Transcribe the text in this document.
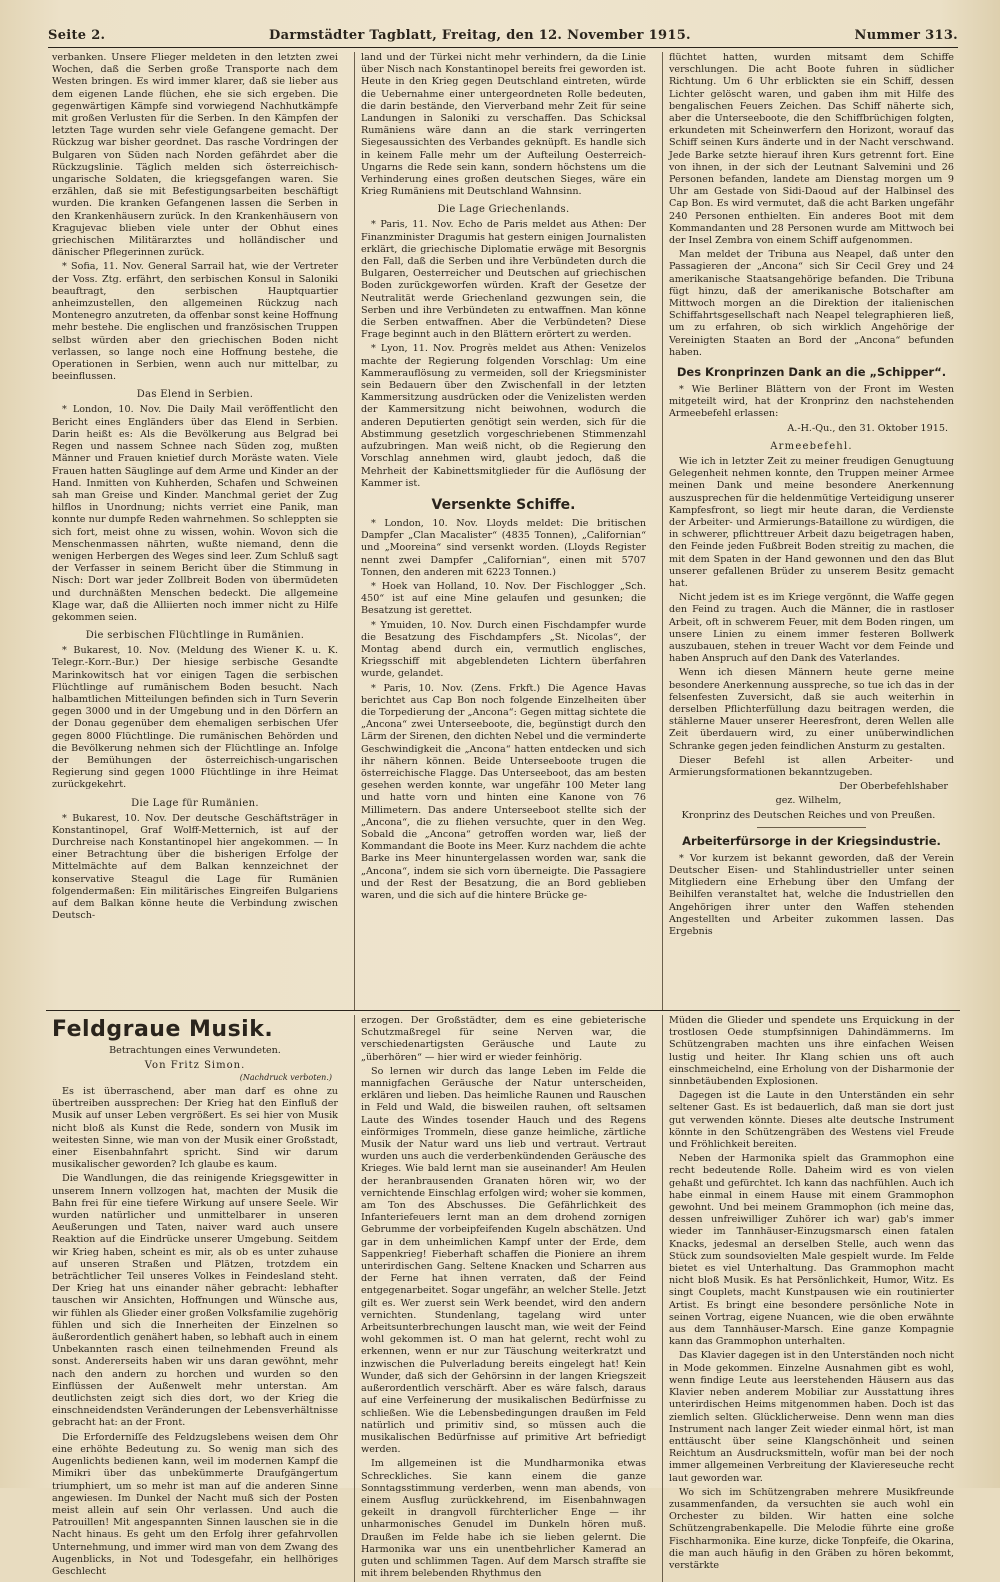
Seite 2.	Darmstädter Tagblatt, Freitag, den 12. November 1915.	Nummer 313.

verbanken. Unsere Flieger meldeten in den letzten zwei Wochen, daß die Serben große Transporte nach dem Westen bringen. Es wird immer klarer, daß sie lieber aus dem eigenen Lande flüchen, ehe sie sich ergeben. Die gegenwärtigen Kämpfe sind vorwiegend Nachhutkämpfe mit großen Verlusten für die Serben. In den Kämpfen der letzten Tage wurden sehr viele Gefangene gemacht. Der Rückzug war bisher geordnet. Das rasche Vordringen der Bulgaren von Süden nach Norden gefährdet aber die Rückzugslinie. Täglich melden sich österreichisch-ungarische Soldaten, die kriegsgefangen waren. Sie erzählen, daß sie mit Befestigungsarbeiten beschäftigt wurden. Die kranken Gefangenen lassen die Serben in den Krankenhäusern zurück. In den Krankenhäusern von Kragujevac blieben viele unter der Obhut eines griechischen Militärarztes und holländischer und dänischer Pflegerinnen zurück.

* Sofia, 11. Nov. General Sarrail hat, wie der Vertreter der Voss. Ztg. erfährt, den serbischen Konsul in Saloniki beauftragt, den serbischen Hauptquartier anheimzustellen, den allgemeinen Rückzug nach Montenegro anzutreten, da offenbar sonst keine Hoffnung mehr bestehe. Die englischen und französischen Truppen selbst würden aber den griechischen Boden nicht verlassen, so lange noch eine Hoffnung bestehe, die Operationen in Serbien, wenn auch nur mittelbar, zu beeinflussen.

Das Elend in Serbien.

* London, 10. Nov. Die Daily Mail veröffentlicht den Bericht eines Engländers über das Elend in Serbien. Darin heißt es: Als die Bevölkerung aus Belgrad bei Regen und nassem Schnee nach Süden zog, mußten Männer und Frauen knietief durch Moräste waten. Viele Frauen hatten Säuglinge auf dem Arme und Kinder an der Hand. Inmitten von Kuhherden, Schafen und Schweinen sah man Greise und Kinder. Manchmal geriet der Zug hilflos in Unordnung; nichts verriet eine Panik, man konnte nur dumpfe Reden wahrnehmen. So schleppten sie sich fort, meist ohne zu wissen, wohin. Wovon sich die Menschenmassen nährten, wußte niemand, denn die wenigen Herbergen des Weges sind leer. Zum Schluß sagt der Verfasser in seinem Bericht über die Stimmung in Nisch: Dort war jeder Zollbreit Boden von übermüdeten und durchnäßten Menschen bedeckt. Die allgemeine Klage war, daß die Alliierten noch immer nicht zu Hilfe gekommen seien.

Die serbischen Flüchtlinge in Rumänien.

* Bukarest, 10. Nov. (Meldung des Wiener K. u. K. Telegr.-Korr.-Bur.) Der hiesige serbische Gesandte Marinkowitsch hat vor einigen Tagen die serbischen Flüchtlinge auf rumänischem Boden besucht. Nach halbamtlichen Mitteilungen befinden sich in Turn Severin gegen 3000 und in der Umgebung und in den Dörfern an der Donau gegenüber dem ehemaligen serbischen Ufer gegen 8000 Flüchtlinge. Die rumänischen Behörden und die Bevölkerung nehmen sich der Flüchtlinge an. Infolge der Bemühungen der österreichisch-ungarischen Regierung sind gegen 1000 Flüchtlinge in ihre Heimat zurückgekehrt.

Die Lage für Rumänien.

* Bukarest, 10. Nov. Der deutsche Geschäftsträger in Konstantinopel, Graf Wolff-Metternich, ist auf der Durchreise nach Konstantinopel hier angekommen. — In einer Betrachtung über die bisherigen Erfolge der Mittelmächte auf dem Balkan kennzeichnet der konservative Steagul die Lage für Rumänien folgendermaßen: Ein militärisches Eingreifen Bulgariens auf dem Balkan könne heute die Verbindung zwischen Deutsch-

land und der Türkei nicht mehr verhindern, da die Linie über Nisch nach Konstantinopel bereits frei geworden ist. Heute in den Krieg gegen Deutschland eintreten, würde die Uebernahme einer untergeordneten Rolle bedeuten, die darin bestände, den Vierverband mehr Zeit für seine Landungen in Saloniki zu verschaffen. Das Schicksal Rumäniens wäre dann an die stark verringerten Siegesaussichten des Verbandes geknüpft. Es handle sich in keinem Falle mehr um der Aufteilung Oesterreich-Ungarns die Rede sein kann, sondern höchstens um die Verhinderung eines großen deutschen Sieges, wäre ein Krieg Rumäniens mit Deutschland Wahnsinn.

Die Lage Griechenlands.

* Paris, 11. Nov. Echo de Paris meldet aus Athen: Der Finanzminister Dragumis hat gestern einigen Journalisten erklärt, die griechische Diplomatie erwäge mit Besorgnis den Fall, daß die Serben und ihre Verbündeten durch die Bulgaren, Oesterreicher und Deutschen auf griechischen Boden zurückgeworfen würden. Kraft der Gesetze der Neutralität werde Griechenland gezwungen sein, die Serben und ihre Verbündeten zu entwaffnen. Man könne die Serben entwaffnen. Aber die Verbündeten? Diese Frage beginnt auch in den Blättern erörtert zu werden.

* Lyon, 11. Nov. Progrès meldet aus Athen: Venizelos machte der Regierung folgenden Vorschlag: Um eine Kammerauflösung zu vermeiden, soll der Kriegsminister sein Bedauern über den Zwischenfall in der letzten Kammersitzung ausdrücken oder die Venizelisten werden der Kammersitzung nicht beiwohnen, wodurch die anderen Deputierten genötigt sein werden, sich für die Abstimmung gesetzlich vorgeschriebenen Stimmenzahl aufzubringen. Man weiß nicht, ob die Regierung den Vorschlag annehmen wird, glaubt jedoch, daß die Mehrheit der Kabinettsmitglieder für die Auflösung der Kammer ist.

Versenkte Schiffe.

* London, 10. Nov. Lloyds meldet: Die britischen Dampfer „Clan Macalister“ (4835 Tonnen), „Californian“ und „Mooreina“ sind versenkt worden. (Lloyds Register nennt zwei Dampfer „Californian“, einen mit 5707 Tonnen, den anderen mit 6223 Tonnen.)

* Hoek van Holland, 10. Nov. Der Fischlogger „Sch. 450“ ist auf eine Mine gelaufen und gesunken; die Besatzung ist gerettet.

* Ymuiden, 10. Nov. Durch einen Fischdampfer wurde die Besatzung des Fischdampfers „St. Nicolas“, der Montag abend durch ein, vermutlich englisches, Kriegsschiff mit abgeblendeten Lichtern überfahren wurde, gelandet.

* Paris, 10. Nov. (Zens. Frkft.) Die Agence Havas berichtet aus Cap Bon noch folgende Einzelheiten über die Torpedierung der „Ancona“: Gegen mittag sichtete die „Ancona“ zwei Unterseeboote, die, begünstigt durch den Lärm der Sirenen, den dichten Nebel und die verminderte Geschwindigkeit die „Ancona“ hatten entdecken und sich ihr nähern können. Beide Unterseeboote trugen die österreichische Flagge. Das Unterseeboot, das am besten gesehen werden konnte, war ungefähr 100 Meter lang und hatte vorn und hinten eine Kanone von 76 Millimetern. Das andere Unterseeboot stellte sich der „Ancona“, die zu fliehen versuchte, quer in den Weg. Sobald die „Ancona“ getroffen worden war, ließ der Kommandant die Boote ins Meer. Kurz nachdem die achte Barke ins Meer hinuntergelassen worden war, sank die „Ancona“, indem sie sich vorn überneigte. Die Passagiere und der Rest der Besatzung, die an Bord geblieben waren, und die sich auf die hintere Brücke ge-

flüchtet hatten, wurden mitsamt dem Schiffe verschlungen. Die acht Boote fuhren in südlicher Richtung. Um 6 Uhr erblickten sie ein Schiff, dessen Lichter gelöscht waren, und gaben ihm mit Hilfe des bengalischen Feuers Zeichen. Das Schiff näherte sich, aber die Unterseeboote, die den Schiffbrüchigen folgten, erkundeten mit Scheinwerfern den Horizont, worauf das Schiff seinen Kurs änderte und in der Nacht verschwand. Jede Barke setzte hierauf ihren Kurs getrennt fort. Eine von ihnen, in der sich der Leutnant Salvemini und 26 Personen befanden, landete am Dienstag morgen um 9 Uhr am Gestade von Sidi-Daoud auf der Halbinsel des Cap Bon. Es wird vermutet, daß die acht Barken ungefähr 240 Personen enthielten. Ein anderes Boot mit dem Kommandanten und 28 Personen wurde am Mittwoch bei der Insel Zembra von einem Schiff aufgenommen.

Man meldet der Tribuna aus Neapel, daß unter den Passagieren der „Ancona“ sich Sir Cecil Grey und 24 amerikanische Staatsangehörige befanden. Die Tribuna fügt hinzu, daß der amerikanische Botschafter am Mittwoch morgen an die Direktion der italienischen Schiffahrtsgesellschaft nach Neapel telegraphieren ließ, um zu erfahren, ob sich wirklich Angehörige der Vereinigten Staaten an Bord der „Ancona“ befunden haben.

Des Kronprinzen Dank an die „Schipper“.

* Wie Berliner Blättern von der Front im Westen mitgeteilt wird, hat der Kronprinz den nachstehenden Armeebefehl erlassen:

A.-H.-Qu., den 31. Oktober 1915.
Armeebefehl.

Wie ich in letzter Zeit zu meiner freudigen Genugtuung Gelegenheit nehmen konnte, den Truppen meiner Armee meinen Dank und meine besondere Anerkennung auszusprechen für die heldenmütige Verteidigung unserer Kampfesfront, so liegt mir heute daran, die Verdienste der Arbeiter- und Armierungs-Bataillone zu würdigen, die in schwerer, pflichttreuer Arbeit dazu beigetragen haben, den Feinde jeden Fußbreit Boden streitig zu machen, die mit dem Spaten in der Hand gewonnen und den das Blut unserer gefallenen Brüder zu unserem Besitz gemacht hat.

Nicht jedem ist es im Kriege vergönnt, die Waffe gegen den Feind zu tragen. Auch die Männer, die in rastloser Arbeit, oft in schwerem Feuer, mit dem Boden ringen, um unsere Linien zu einem immer festeren Bollwerk auszubauen, stehen in treuer Wacht vor dem Feinde und haben Anspruch auf den Dank des Vaterlandes.

Wenn ich diesen Männern heute gerne meine besondere Anerkennung ausspreche, so tue ich das in der felsenfesten Zuversicht, daß sie auch weiterhin in derselben Pflichterfüllung dazu beitragen werden, die stählerne Mauer unserer Heeresfront, deren Wellen alle Zeit überdauern wird, zu einer unüberwindlichen Schranke gegen jeden feindlichen Ansturm zu gestalten.

Dieser Befehl ist allen Arbeiter- und Armierungsformationen bekanntzugeben.

Der Oberbefehlshaber
gez. Wilhelm,
Kronprinz des Deutschen Reiches und von Preußen.
Arbeiterfürsorge in der Kriegsindustrie.

* Vor kurzem ist bekannt geworden, daß der Verein Deutscher Eisen- und Stahlindustrieller unter seinen Mitgliedern eine Erhebung über den Umfang der Beihilfen veranstaltet hat, welche die Industriellen den Angehörigen ihrer unter den Waffen stehenden Angestellten und Arbeiter zukommen lassen. Das Ergebnis

Feldgraue Musik.
Betrachtungen eines Verwundeten.
Von Fritz Simon.
(Nachdruck verboten.)

Es ist überraschend, aber man darf es ohne zu übertreiben aussprechen: Der Krieg hat den Einfluß der Musik auf unser Leben vergrößert. Es sei hier von Musik nicht bloß als Kunst die Rede, sondern von Musik im weitesten Sinne, wie man von der Musik einer Großstadt, einer Eisenbahnfahrt spricht. Sind wir darum musikalischer geworden? Ich glaube es kaum.

Die Wandlungen, die das reinigende Kriegsgewitter in unserem Innern vollzogen hat, machten der Musik die Bahn frei für eine tiefere Wirkung auf unsere Seele. Wir wurden natürlicher und unmittelbarer in unseren Aeußerungen und Taten, naiver ward auch unsere Reaktion auf die Eindrücke unserer Umgebung. Seitdem wir Krieg haben, scheint es mir, als ob es unter zuhause auf unseren Straßen und Plätzen, trotzdem ein beträchtlicher Teil unseres Volkes in Feindesland steht. Der Krieg hat uns einander näher gebracht: lebhafter tauschen wir Ansichten, Hoffnungen und Wünsche aus, wir fühlen als Glieder einer großen Volksfamilie zugehörig fühlen und sich die Innerheiten der Einzelnen so äußerordentlich genähert haben, so lebhaft auch in einem Unbekannten rasch einen teilnehmenden Freund als sonst. Andererseits haben wir uns daran gewöhnt, mehr nach den andern zu horchen und wurden so den Einflüssen der Außenwelt mehr unterstan. Am deutlichsten zeigt sich dies dort, wo der Krieg die einschneidendsten Veränderungen der Lebensverhältnisse gebracht hat: an der Front.

Die Erforderniſſe des Feldzugslebens weisen dem Ohr eine erhöhte Bedeutung zu. So wenig man sich des Augenlichts bedienen kann, weil im modernen Kampf die Mimikri über das unbekümmerte Draufgängertum triumphiert, um so mehr ist man auf die anderen Sinne angewiesen. Im Dunkel der Nacht muß sich der Posten meist allein auf sein Ohr verlassen. Und auch die Patrouillen! Mit angespannten Sinnen lauschen sie in die Nacht hinaus. Es geht um den Erfolg ihrer gefahrvollen Unternehmung, und immer wird man von dem Zwang des Augenblicks, in Not und Todesgefahr, ein hellhöriges Geschlecht

erzogen. Der Großstädter, dem es eine gebieterische Schutzmaßregel für seine Nerven war, die verschiedenartigsten Geräusche und Laute zu „überhören“ — hier wird er wieder feinhörig.

So lernen wir durch das lange Leben im Felde die mannigfachen Geräusche der Natur unterscheiden, erklären und lieben. Das heimliche Raunen und Rauschen in Feld und Wald, die bisweilen rauhen, oft seltsamen Laute des Windes tosender Hauch und des Regens einförmiges Trommeln, diese ganze heimliche, zärtliche Musik der Natur ward uns lieb und vertraut. Vertraut wurden uns auch die verderbenkündenden Geräusche des Krieges. Wie bald lernt man sie auseinander! Am Heulen der heranbrausenden Granaten hören wir, wo der vernichtende Einschlag erfolgen wird; woher sie kommen, am Ton des Abschusses. Die Gefährlichkeit des Infanteriefeuers lernt man an dem drohend zornigen Gebrumme der vorbeipfeifenden Kugeln abschätzen. Und gar in dem unheimlichen Kampf unter der Erde, dem Sappenkrieg! Fieberhaft schaffen die Pioniere an ihrem unterirdischen Gang. Seltene Knacken und Scharren aus der Ferne hat ihnen verraten, daß der Feind entgegenarbeitet. Sogar ungefähr, an welcher Stelle. Jetzt gilt es. Wer zuerst sein Werk beendet, wird den andern vernichten. Stundenlang, tagelang wird unter Arbeitsunterbrechungen lauscht man, wie weit der Feind wohl gekommen ist. O man hat gelernt, recht wohl zu erkennen, wenn er nur zur Täuschung weiterkratzt und inzwischen die Pulverladung bereits eingelegt hat! Kein Wunder, daß sich der Gehörsinn in der langen Kriegszeit außerordentlich verschärft. Aber es wäre falsch, daraus auf eine Verfeinerung der musikalischen Bedürfnisse zu schließen. Wie die Lebensbedingungen draußen im Feld natürlich und primitiv sind, so müssen auch die musikalischen Bedürfnisse auf primitive Art befriedigt werden.

Im allgemeinen ist die Mundharmonika etwas Schreckliches. Sie kann einem die ganze Sonntagsstimmung verderben, wenn man abends, von einem Ausflug zurückkehrend, im Eisenbahnwagen gekeilt in drangvoll fürchterlicher Enge — ihr unharmonisches Genudel im Dunkeln hören muß. Draußen im Felde habe ich sie lieben gelernt. Die Harmonika war uns ein unentbehrlicher Kamerad an guten und schlimmen Tagen. Auf dem Marsch straffte sie mit ihrem belebenden Rhythmus den

Müden die Glieder und spendete uns Erquickung in der trostlosen Oede stumpfsinnigen Dahindämmerns. Im Schützengraben machten uns ihre einfachen Weisen lustig und heiter. Ihr Klang schien uns oft auch einschmeichelnd, eine Erholung von der Disharmonie der sinnbetäubenden Explosionen.

Dagegen ist die Laute in den Unterständen ein sehr seltener Gast. Es ist bedauerlich, daß man sie dort just gut verwenden könnte. Dieses alte deutsche Instrument könnte in den Schützengräben des Westens viel Freude und Fröhlichkeit bereiten.

Neben der Harmonika spielt das Grammophon eine recht bedeutende Rolle. Daheim wird es von vielen gehaßt und gefürchtet. Ich kann das nachfühlen. Auch ich habe einmal in einem Hause mit einem Grammophon gewohnt. Und bei meinem Grammophon (ich meine das, dessen unfreiwilliger Zuhörer ich war) gab's immer wieder im Tannhäuser-Einzugsmarsch einen fatalen Knacks, jedesmal an derselben Stelle, auch wenn das Stück zum soundsovielten Male gespielt wurde. Im Felde bietet es viel Unterhaltung. Das Grammophon macht nicht bloß Musik. Es hat Persönlichkeit, Humor, Witz. Es singt Couplets, macht Kunstpausen wie ein routinierter Artist. Es bringt eine besondere persönliche Note in seinen Vortrag, eigene Nuancen, wie die oben erwähnte aus dem Tannhäuser-Marsch. Eine ganze Kompagnie kann das Grammophon unterhalten.

Das Klavier dagegen ist in den Unterständen noch nicht in Mode gekommen. Einzelne Ausnahmen gibt es wohl, wenn findige Leute aus leerstehenden Häusern aus das Klavier neben anderem Mobiliar zur Ausstattung ihres unterirdischen Heims mitgenommen haben. Doch ist das ziemlich selten. Glücklicherweise. Denn wenn man dies Instrument nach langer Zeit wieder einmal hört, ist man enttäuscht über seine Klangschönheit und seinen Reichtum an Ausdrucksmitteln, wofür man bei der noch immer allgemeinen Verbreitung der Klaviereseuche recht laut geworden war.

Wo sich im Schützengraben mehrere Musikfreunde zusammenfanden, da versuchten sie auch wohl ein Orchester zu bilden. Wir hatten eine solche Schützengrabenkapelle. Die Melodie führte eine große Fischharmonika. Eine kurze, dicke Tonpfeife, die Okarina, die man auch häufig in den Gräben zu hören bekommt, verstärkte
